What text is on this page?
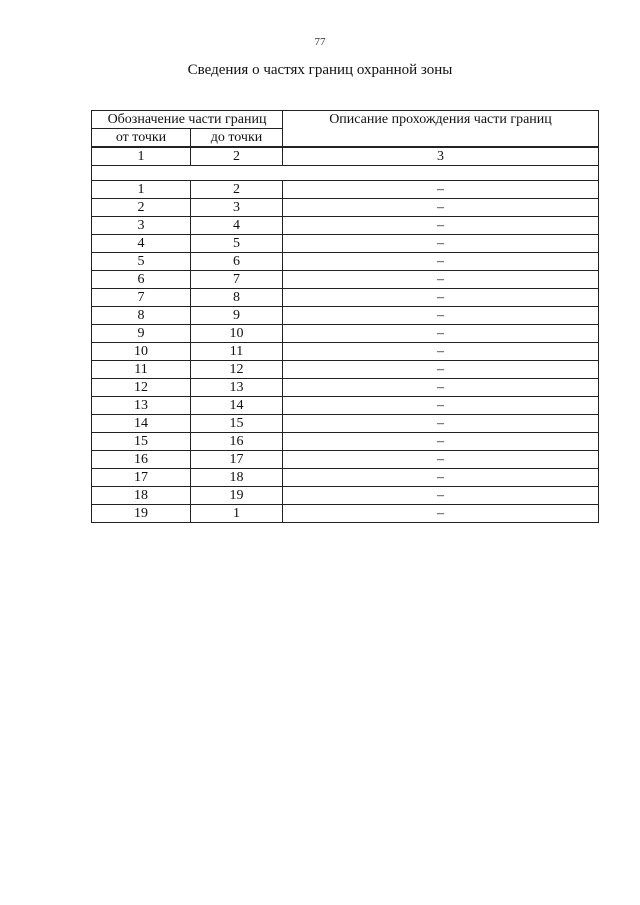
77
Сведения о частях границ охранной зоны
Обозначение части границ		Описание прохождения части границ
от точки	до точки	
1	2	3

1	2	–
2	3	–
3	4	–
4	5	–
5	6	–
6	7	–
7	8	–
8	9	–
9	10	–
10	11	–
11	12	–
12	13	–
13	14	–
14	15	–
15	16	–
16	17	–
17	18	–
18	19	–
19	1	–
